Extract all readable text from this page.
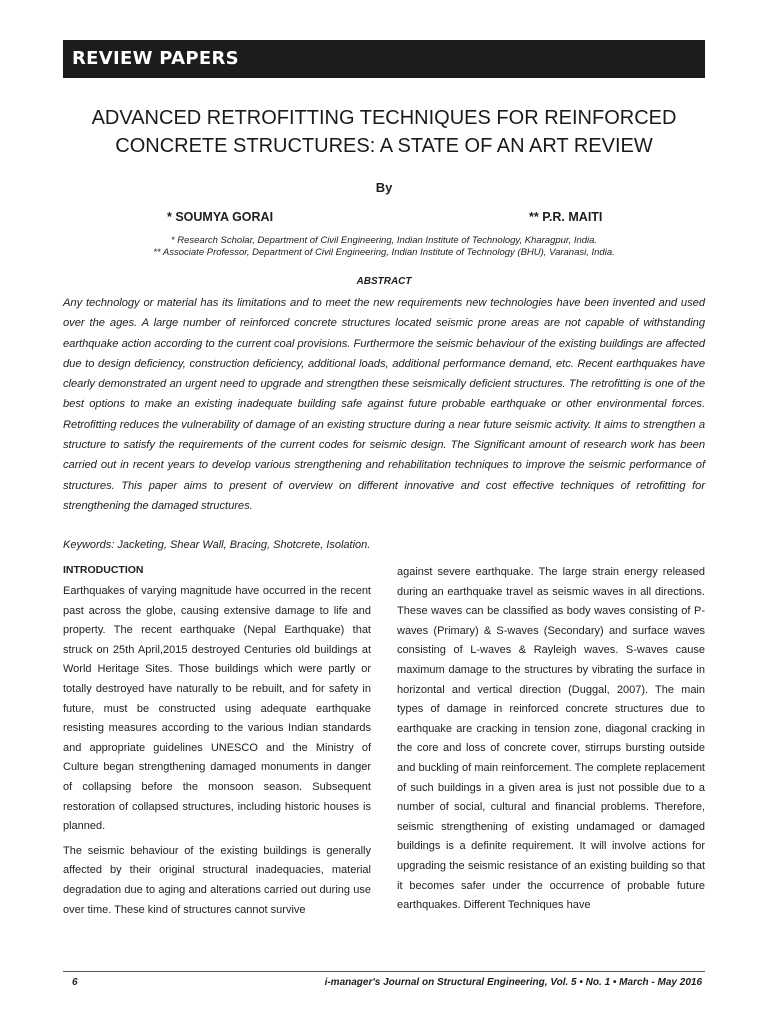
REVIEW PAPERS
ADVANCED RETROFITTING TECHNIQUES FOR REINFORCED
CONCRETE STRUCTURES: A STATE OF AN ART REVIEW
By
* SOUMYA GORAI	** P.R. MAITI
* Research Scholar, Department of Civil Engineering, Indian Institute of Technology, Kharagpur, India.
** Associate Professor, Department of Civil Engineering, Indian Institute of Technology (BHU), Varanasi, India.
ABSTRACT

Any technology or material has its limitations and to meet the new requirements new technologies have been invented and used over the ages. A large number of reinforced concrete structures located seismic prone areas are not capable of withstanding earthquake action according to the current coal provisions. Furthermore the seismic behaviour of the existing buildings are affected due to design deficiency, construction deficiency, additional loads, additional performance demand, etc. Recent earthquakes have clearly demonstrated an urgent need to upgrade and strengthen these seismically deficient structures. The retrofitting is one of the best options to make an existing inadequate building safe against future probable earthquake or other environmental forces. Retrofitting reduces the vulnerability of damage of an existing structure during a near future seismic activity. It aims to strengthen a structure to satisfy the requirements of the current codes for seismic design. The Significant amount of research work has been carried out in recent years to develop various strengthening and rehabilitation techniques to improve the seismic performance of structures. This paper aims to present of overview on different innovative and cost effective techniques of retrofitting for strengthening the damaged structures.

Keywords: Jacketing, Shear Wall, Bracing, Shotcrete, Isolation.

INTRODUCTION

Earthquakes of varying magnitude have occurred in the recent past across the globe, causing extensive damage to life and property. The recent earthquake (Nepal Earthquake) that struck on 25th April,2015 destroyed Centuries old buildings at World Heritage Sites. Those buildings which were partly or totally destroyed have naturally to be rebuilt, and for safety in future, must be constructed using adequate earthquake resisting measures according to the various Indian standards and appropriate guidelines UNESCO and the Ministry of Culture began strengthening damaged monuments in danger of collapsing before the monsoon season. Subsequent restoration of collapsed structures, including historic houses is planned.

The seismic behaviour of the existing buildings is generally affected by their original structural inadequacies, material degradation due to aging and alterations carried out during use over time. These kind of structures cannot survive

against severe earthquake. The large strain energy released during an earthquake travel as seismic waves in all directions. These waves can be classified as body waves consisting of P-waves (Primary) & S-waves (Secondary) and surface waves consisting of L-waves & Rayleigh waves. S-waves cause maximum damage to the structures by vibrating the surface in horizontal and vertical direction (Duggal, 2007). The main types of damage in reinforced concrete structures due to earthquake are cracking in tension zone, diagonal cracking in the core and loss of concrete cover, stirrups bursting outside and buckling of main reinforcement. The complete replacement of such buildings in a given area is just not possible due to a number of social, cultural and financial problems. Therefore, seismic strengthening of existing undamaged or damaged buildings is a definite requirement. It will involve actions for upgrading the seismic resistance of an existing building so that it becomes safer under the occurrence of probable future earthquakes. Different Techniques have

6	i-manager's Journal on Structural Engineering, Vol. 5 • No. 1 • March - May 2016
